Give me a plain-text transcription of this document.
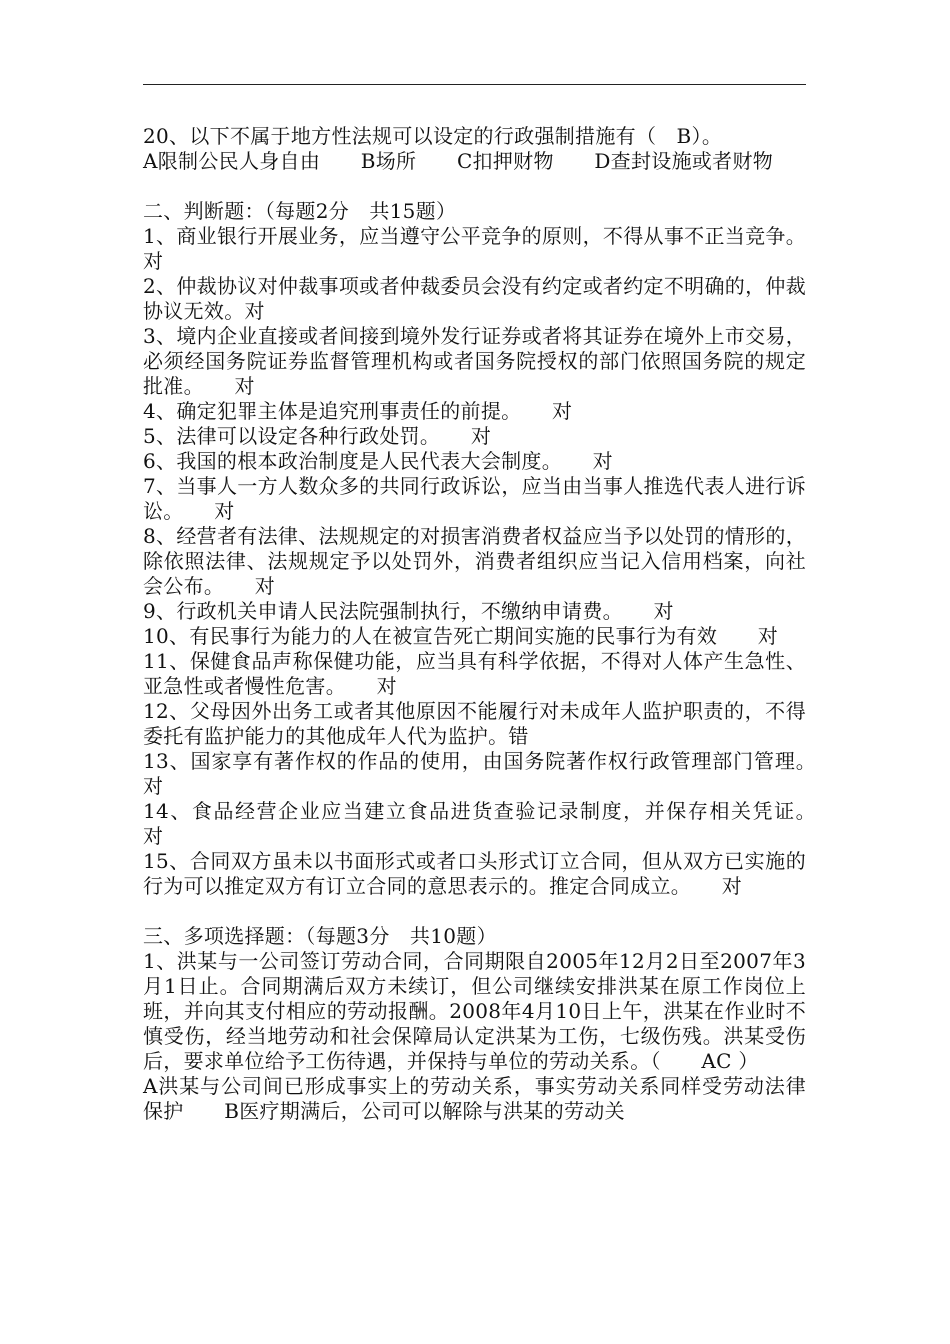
20、以下不属于地方性法规可以设定的行政强制措施有（　B）。

A限制公民人身自由　　B场所　　C扣押财物　　D查封设施或者财物

二、判断题：（每题2分　共15题）

1、商业银行开展业务，应当遵守公平竞争的原则，不得从事不正当竞争。对

2、仲裁协议对仲裁事项或者仲裁委员会没有约定或者约定不明确的，仲裁协议无效。对

3、境内企业直接或者间接到境外发行证券或者将其证券在境外上市交易，必须经国务院证券监督管理机构或者国务院授权的部门依照国务院的规定批准。　　对

4、确定犯罪主体是追究刑事责任的前提。　　对

5、法律可以设定各种行政处罚。　　对

6、我国的根本政治制度是人民代表大会制度。　　对

7、当事人一方人数众多的共同行政诉讼，应当由当事人推选代表人进行诉讼。　　对

8、经营者有法律、法规规定的对损害消费者权益应当予以处罚的情形的，除依照法律、法规规定予以处罚外，消费者组织应当记入信用档案，向社会公布。　　对

9、行政机关申请人民法院强制执行，不缴纳申请费。　　对

10、有民事行为能力的人在被宣告死亡期间实施的民事行为有效　　对

11、保健食品声称保健功能，应当具有科学依据，不得对人体产生急性、亚急性或者慢性危害。　　对

12、父母因外出务工或者其他原因不能履行对未成年人监护职责的，不得委托有监护能力的其他成年人代为监护。错

13、国家享有著作权的作品的使用，由国务院著作权行政管理部门管理。　对

14、食品经营企业应当建立食品进货查验记录制度，并保存相关凭证。　　对

15、合同双方虽未以书面形式或者口头形式订立合同，但从双方已实施的行为可以推定双方有订立合同的意思表示的。推定合同成立。　　对

三、多项选择题：（每题3分　共10题）

1、洪某与一公司签订劳动合同，合同期限自2005年12月2日至2007年3月1日止。合同期满后双方未续订，但公司继续安排洪某在原工作岗位上班，并向其支付相应的劳动报酬。2008年4月10日上午，洪某在作业时不慎受伤，经当地劳动和社会保障局认定洪某为工伤，七级伤残。洪某受伤后，要求单位给予工伤待遇，并保持与单位的劳动关系。（　　AC ）

A洪某与公司间已形成事实上的劳动关系，事实劳动关系同样受劳动法律保护　　B医疗期满后，公司可以解除与洪某的劳动关
